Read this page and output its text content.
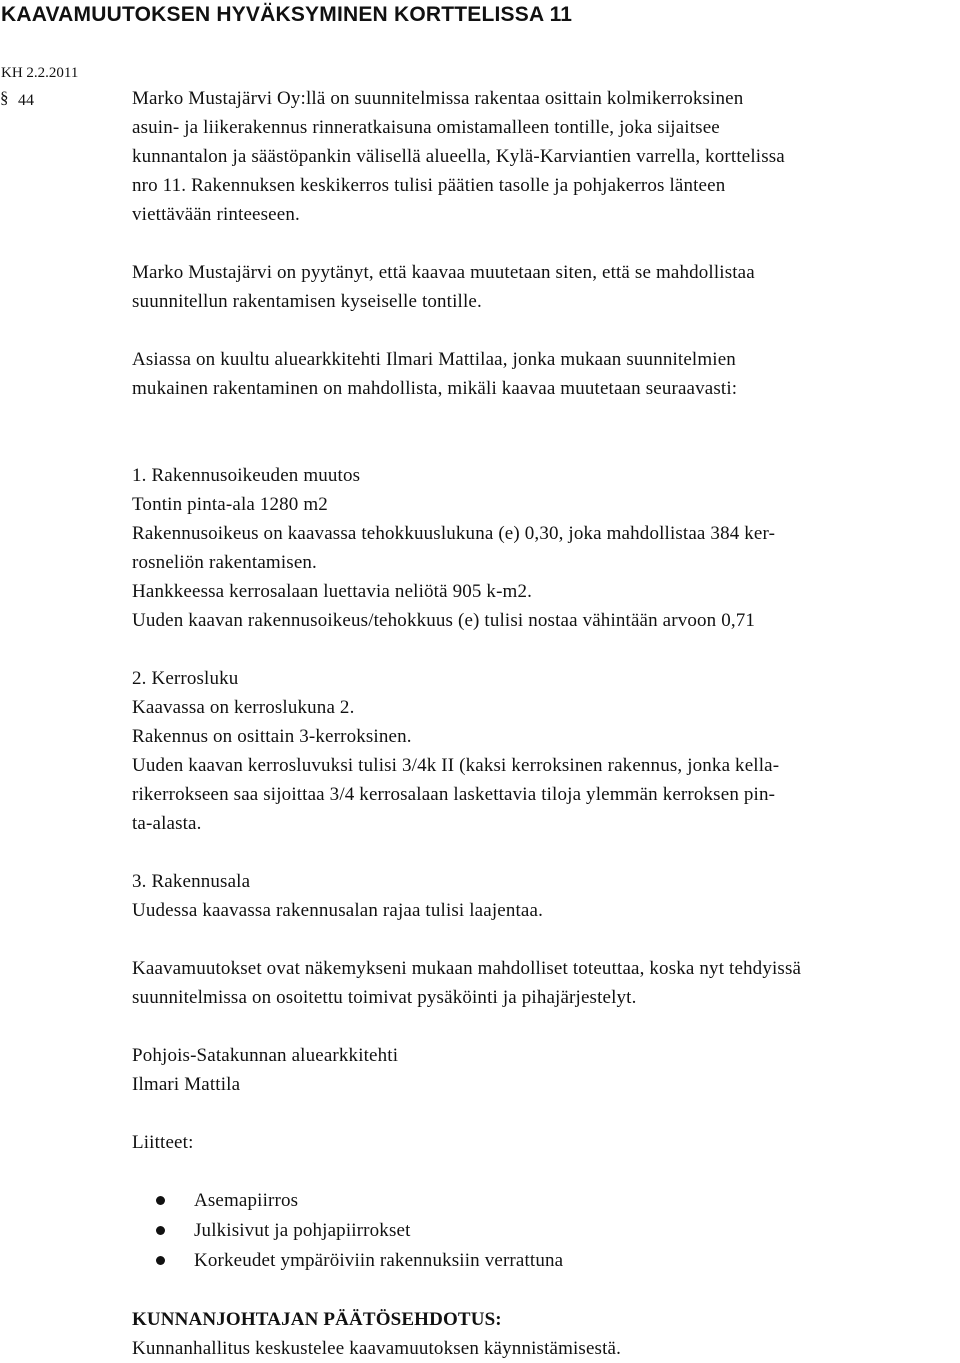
KAAVAMUUTOKSEN HYVÄKSYMINEN KORTTELISSA 11
KH 2.2.2011
§ 44	Marko Mustajärvi Oy:llä on suunnitelmissa rakentaa osittain kolmikerroksinen
asuin- ja liikerakennus rinneratkaisuna omistamalleen tontille, joka sijaitsee
kunnantalon ja säästöpankin välisellä alueella, Kylä-Karviantien varrella, korttelissa
nro 11. Rakennuksen keskikerros tulisi päätien tasolle ja pohjakerros länteen
viettävään rinteeseen.

Marko Mustajärvi on pyytänyt, että kaavaa muutetaan siten, että se mahdollistaa
suunnitellun rakentamisen kyseiselle tontille.

Asiassa on kuultu aluearkkitehti Ilmari Mattilaa, jonka mukaan suunnitelmien
mukainen rakentaminen on mahdollista, mikäli kaavaa muutetaan seuraavasti:

1. Rakennusoikeuden muutos
Tontin pinta-ala 1280 m2
Rakennusoikeus on kaavassa tehokkuuslukuna (e) 0,30, joka mahdollistaa 384 ker-
rosneliön rakentamisen.
Hankkeessa kerrosalaan luettavia neliötä 905 k-m2.
Uuden kaavan rakennusoikeus/tehokkuus (e) tulisi nostaa vähintään arvoon 0,71

2. Kerrosluku
Kaavassa on kerroslukuna 2.
Rakennus on osittain 3-kerroksinen.
Uuden kaavan kerrosluvuksi tulisi 3/4k II (kaksi kerroksinen rakennus, jonka kella-
rikerrokseen saa sijoittaa 3/4 kerrosalaan laskettavia tiloja ylemmän kerroksen pin-
ta-alasta.

3. Rakennusala
Uudessa kaavassa rakennusalan rajaa tulisi laajentaa.

Kaavamuutokset ovat näkemykseni mukaan mahdolliset toteuttaa, koska nyt tehdyissä
suunnitelmissa on osoitettu toimivat pysäköinti ja pihajärjestelyt.

Pohjois-Satakunnan aluearkkitehti
Ilmari Mattila

Liitteet:

Asemapiirros
Julkisivut ja pohjapiirrokset
Korkeudet ympäröiviin rakennuksiin verrattuna

KUNNANJOHTAJAN PÄÄTÖSEHDOTUS:
Kunnanhallitus keskustelee kaavamuutoksen käynnistämisestä.
